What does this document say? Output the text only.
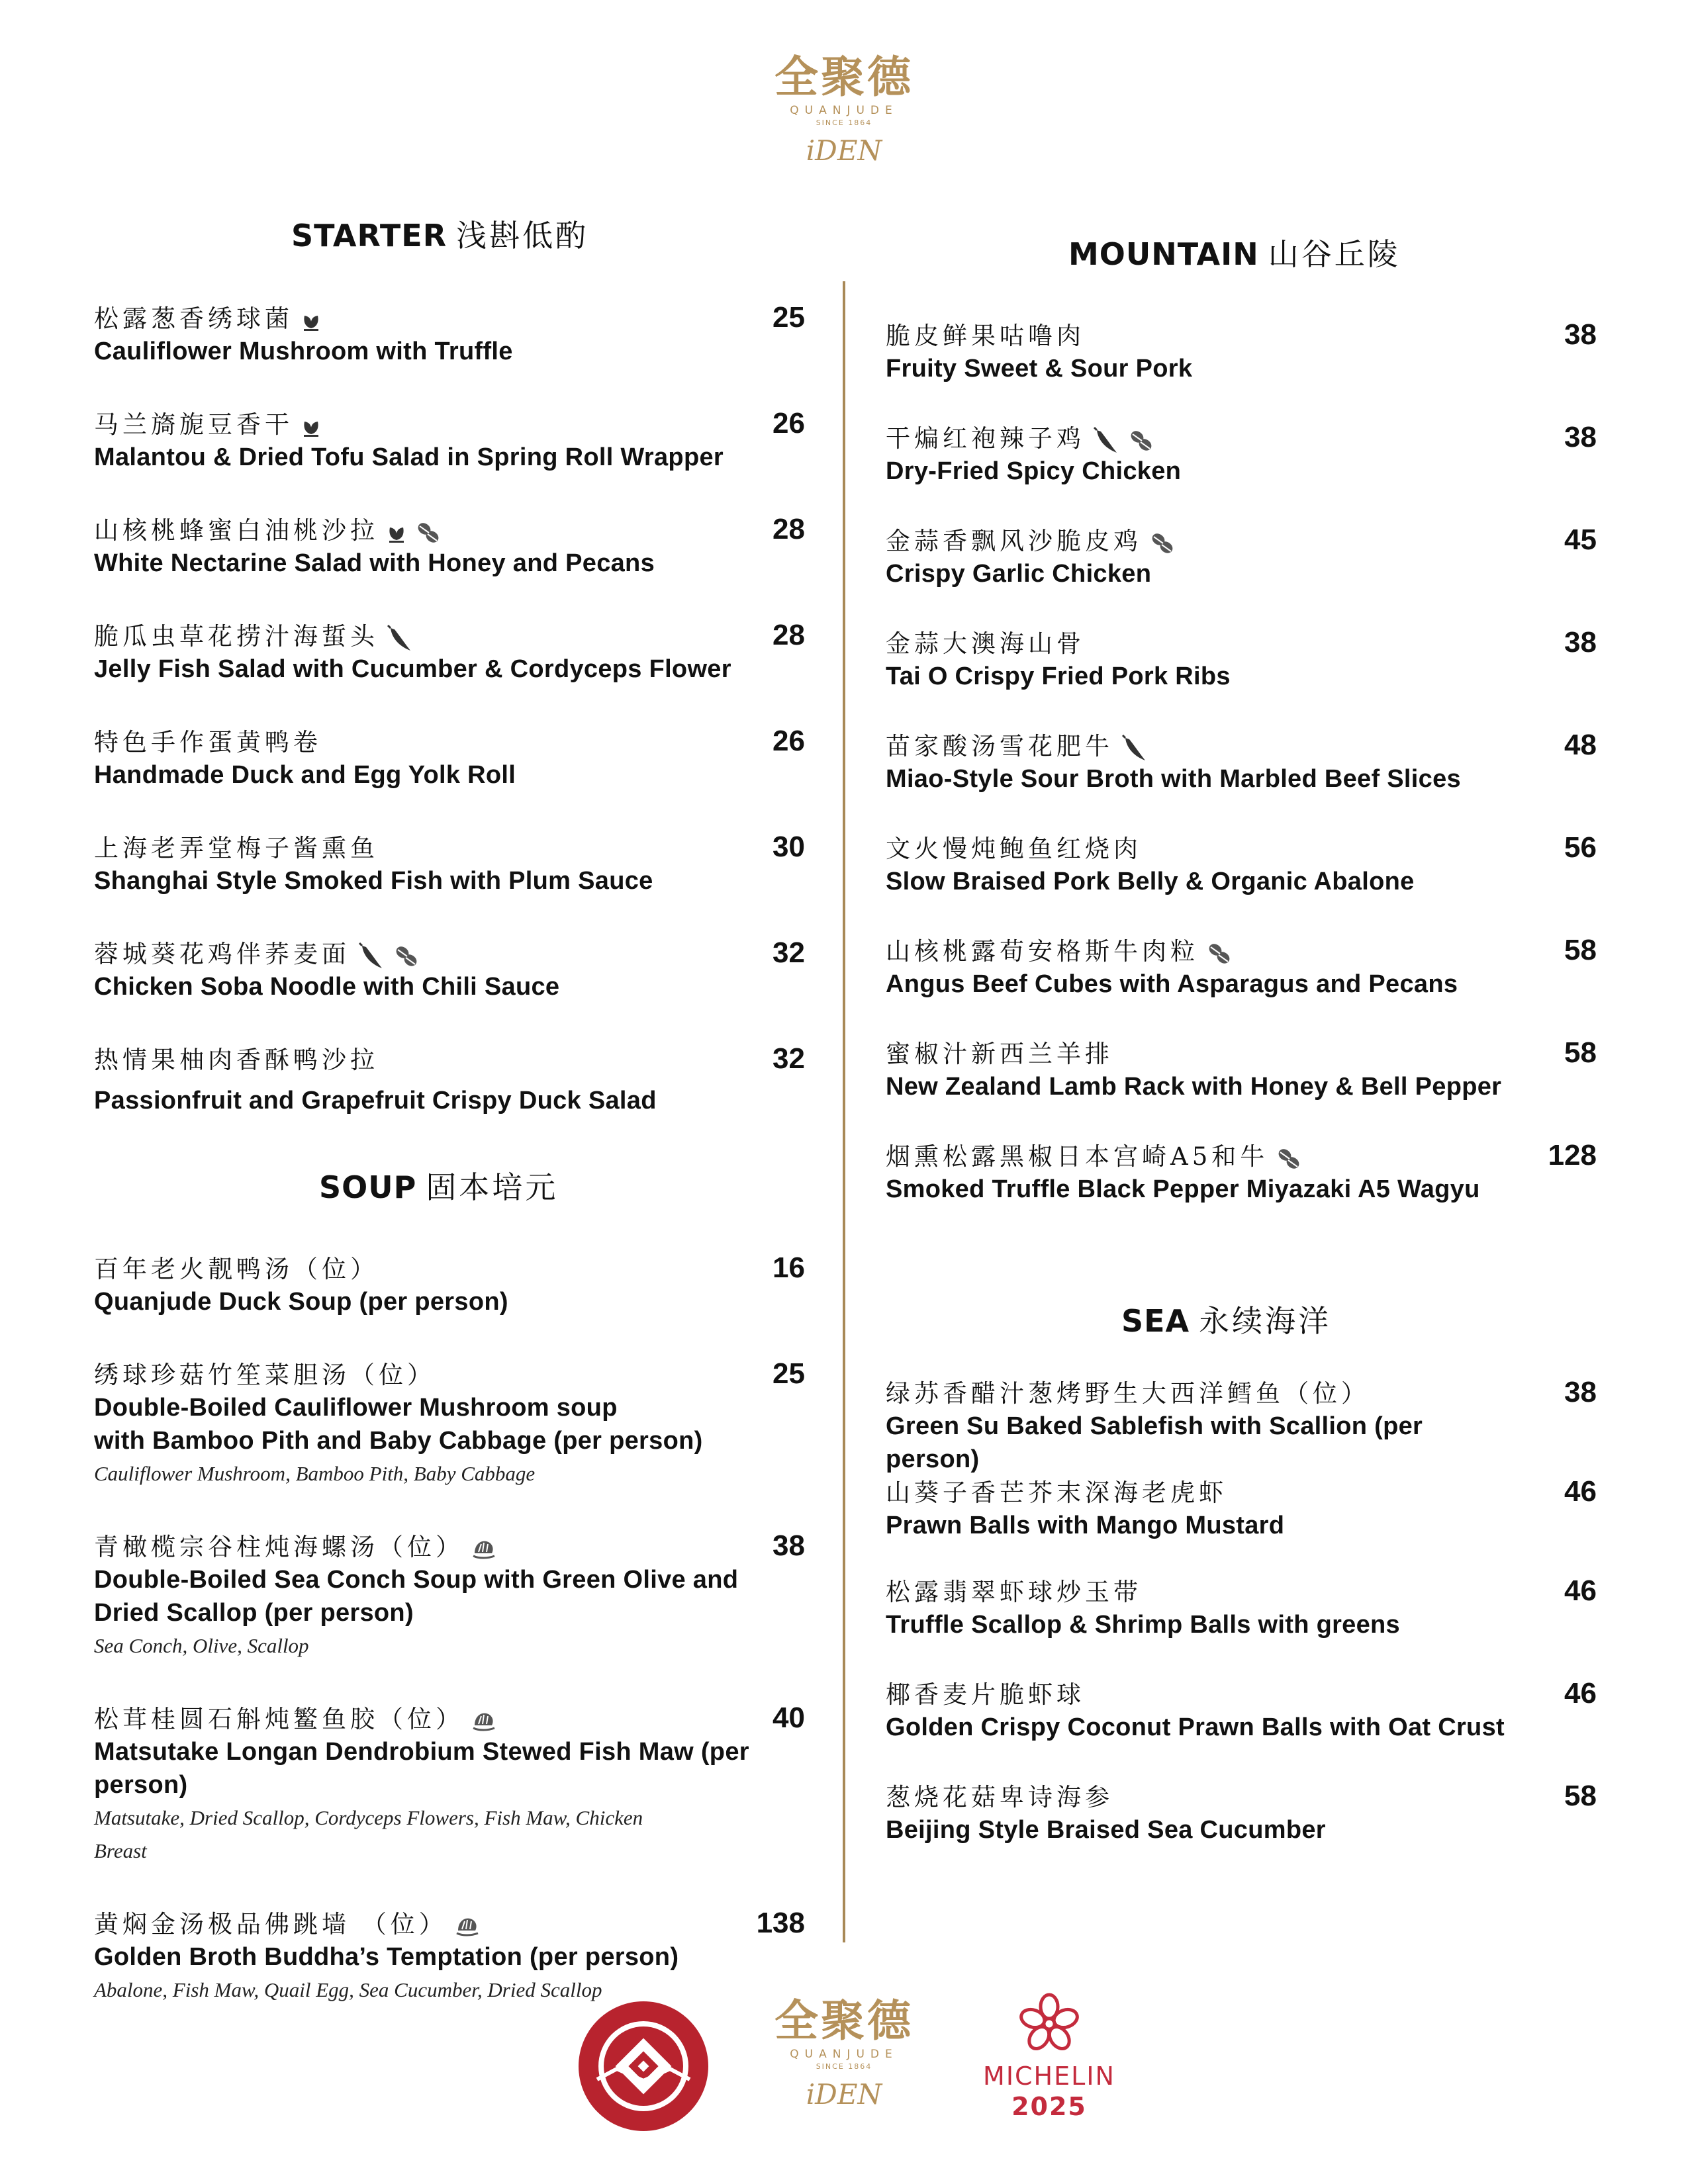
全聚德
QUANJUDE
SINCE 1864
iDEN
STARTER 浅斟低酌
松露葱香绣球菌
Cauliflower Mushroom with Truffle
25
马兰旖旎豆香干
Malantou & Dried Tofu Salad in Spring Roll Wrapper
26
山核桃蜂蜜白油桃沙拉
White Nectarine Salad with Honey and Pecans
28
脆瓜虫草花捞汁海蜇头
Jelly Fish Salad with Cucumber & Cordyceps Flower
28
特色手作蛋黄鸭卷
Handmade Duck and Egg Yolk Roll
26
上海老弄堂梅子酱熏鱼
Shanghai Style Smoked Fish with Plum Sauce
30
蓉城葵花鸡伴荞麦面
Chicken Soba Noodle with Chili Sauce
32
热情果柚肉香酥鸭沙拉
Passionfruit and Grapefruit Crispy Duck Salad
32
SOUP 固本培元
百年老火靓鸭汤（位）
Quanjude Duck Soup (per person)
16
绣球珍菇竹笙菜胆汤（位）
Double-Boiled Cauliflower Mushroom soup
with Bamboo Pith and Baby Cabbage (per person)
Cauliflower Mushroom, Bamboo Pith, Baby Cabbage
25
青橄榄宗谷柱炖海螺汤（位）
Double-Boiled Sea Conch Soup with Green Olive and
Dried Scallop (per person)
Sea Conch, Olive, Scallop
38
松茸桂圆石斛炖鳘鱼胶（位）
Matsutake Longan Dendrobium Stewed Fish Maw (per
person)
Matsutake, Dried Scallop, Cordyceps Flowers, Fish Maw, Chicken
Breast
40
黄焖金汤极品佛跳墙 （位）
Golden Broth Buddha’s Temptation (per person)
Abalone, Fish Maw, Quail Egg, Sea Cucumber, Dried Scallop
138
MOUNTAIN 山谷丘陵
脆皮鲜果咕噜肉
Fruity Sweet & Sour Pork
38
干煸红袍辣子鸡
Dry-Fried Spicy Chicken
38
金蒜香飘风沙脆皮鸡
Crispy Garlic Chicken
45
金蒜大澳海山骨
Tai O Crispy Fried Pork Ribs
38
苗家酸汤雪花肥牛
Miao-Style Sour Broth with Marbled Beef Slices
48
文火慢炖鲍鱼红烧肉
Slow Braised Pork Belly & Organic Abalone
56
山核桃露荀安格斯牛肉粒
Angus Beef Cubes with Asparagus and Pecans
58
蜜椒汁新西兰羊排
New Zealand Lamb Rack with Honey & Bell Pepper
58
烟熏松露黑椒日本宫崎A5和牛
Smoked Truffle Black Pepper Miyazaki A5 Wagyu
128
SEA 永续海洋
绿苏香醋汁葱烤野生大西洋鳕鱼（位）
Green Su Baked Sablefish with Scallion (per person)
38
山葵子香芒芥末深海老虎虾
Prawn Balls with Mango Mustard
46
松露翡翠虾球炒玉带
Truffle Scallop & Shrimp Balls with greens
46
椰香麦片脆虾球
Golden Crispy Coconut Prawn Balls with Oat Crust
46
葱烧花菇卑诗海参
Beijing Style Braised Sea Cucumber
58
全聚德
QUANJUDE
SINCE 1864
iDEN
MICHELIN
2025
